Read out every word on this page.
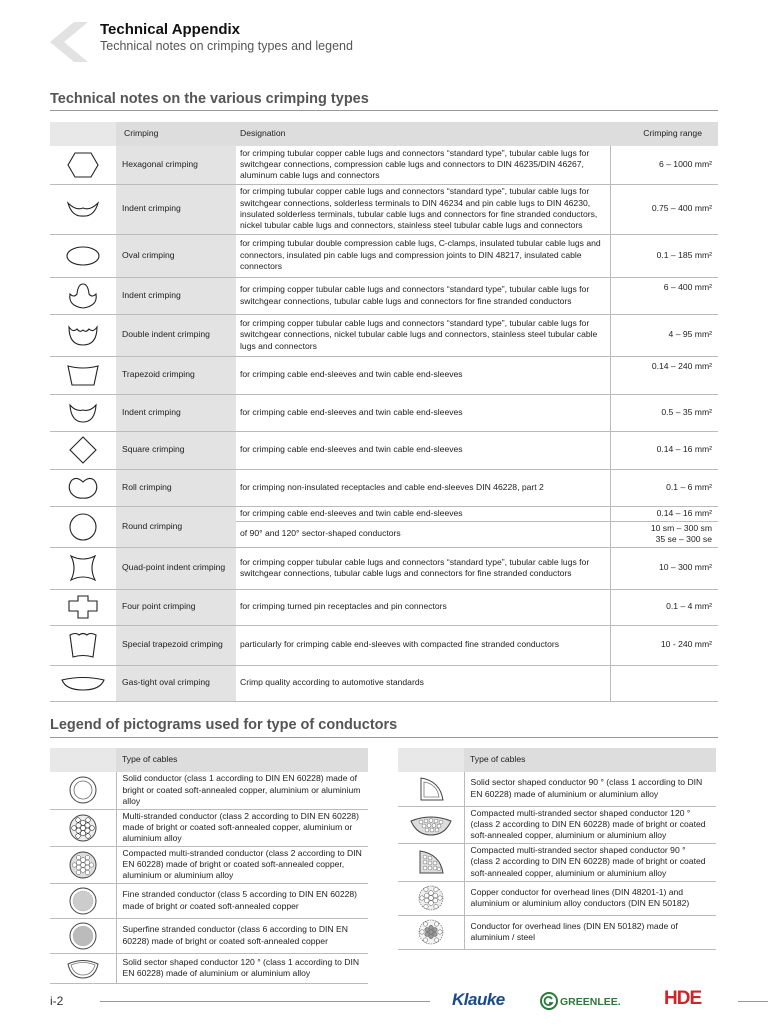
Technical Appendix
Technical notes on crimping types and legend
Technical notes on the various crimping types
	Crimping	Designation	Crimping range

	Hexagonal crimping	for crimping tubular copper cable lugs and connectors “standard type”, tubular cable lugs for switchgear connections, compression cable lugs and connectors to DIN 46235/DIN 46267, aluminum cable lugs and connectors	6 – 1000 mm²

	Indent crimping	for crimping tubular copper cable lugs and connectors “standard type”, tubular cable lugs for switchgear connections, solderless terminals to DIN 46234 and pin cable lugs to DIN 46230, insulated solderless terminals, tubular cable lugs and connectors for fine stranded conductors, nickel tubular cable lugs and connectors, stainless steel tubular cable lugs and connectors	0.75 – 400 mm²

	Oval crimping	for crimping tubular double compression cable lugs, C-clamps, insulated tubular cable lugs and connectors, insulated pin cable lugs and compression joints to DIN 48217, insulated cable connectors	0.1 – 185 mm²

	Indent crimping	for crimping copper tubular cable lugs and connectors “standard type”, tubular cable lugs for switchgear connections, tubular cable lugs and connectors for fine stranded conductors	6 – 400 mm²

	Double indent crimping	for crimping copper tubular cable lugs and connectors “standard type”, tubular cable lugs for switchgear connections, nickel tubular cable lugs and connectors, stainless steel tubular cable lugs and connectors	4 – 95 mm²

	Trapezoid crimping	for crimping cable end-sleeves and twin cable end-sleeves	0.14 – 240 mm²

	Indent crimping	for crimping cable end-sleeves and twin cable end-sleeves	0.5 – 35 mm²

	Square crimping	for crimping cable end-sleeves and twin cable end-sleeves	0.14 – 16 mm²

	Roll crimping	for crimping non-insulated receptacles and cable end-sleeves DIN 46228, part 2	0.1 – 6 mm²

	Round crimping	for crimping cable end-sleeves and twin cable end-sleeves	0.14 – 16 mm²
		of 90° and 120° sector-shaped conductors	10 sm – 300 sm
35 se – 300 se

	Quad-point indent crimping	for crimping copper tubular cable lugs and connectors “standard type”, tubular cable lugs for switchgear connections, tubular cable lugs and connectors for fine stranded conductors	10 – 300 mm²

	Four point crimping	for crimping turned pin receptacles and pin connectors	0.1 – 4 mm²

	Special trapezoid crimping	particularly for crimping cable end-sleeves with compacted fine stranded conductors	10 - 240 mm²

	Gas-tight oval crimping	Crimp quality according to automotive standards	
Legend of pictograms used for type of conductors
	Type of cables

	Solid conductor (class 1 according to DIN EN 60228) made of bright or coated soft-annealed copper, aluminium or aluminium alloy

	Multi-stranded conductor (class 2 according to DIN EN 60228) made of bright or coated soft-annealed copper, aluminium or aluminium alloy

	Compacted multi-stranded conductor (class 2 according to DIN EN 60228) made of bright or coated soft-annealed copper, aluminium or aluminium alloy

	Fine stranded conductor (class 5 according to DIN EN 60228) made of bright or coated soft-annealed copper

	Superfine stranded conductor (class 6 according to DIN EN 60228) made of bright or coated soft-annealed copper

	Solid sector shaped conductor 120 ° (class 1 according to DIN EN 60228) made of aluminium or aluminium alloy
	Type of cables

	Solid sector shaped conductor 90 ° (class 1 according to DIN EN 60228) made of aluminium or aluminium alloy

	Compacted multi-stranded sector shaped conductor 120 ° (class 2 according to DIN EN 60228) made of bright or coated soft-annealed copper, aluminium or aluminium alloy

	Compacted multi-stranded sector shaped conductor 90 ° (class 2 according to DIN EN 60228) made of bright or coated soft-annealed copper, aluminium or aluminium alloy

	Copper conductor for overhead lines (DIN 48201-1) and aluminium or aluminium alloy conductors (DIN EN 50182)

	Conductor for overhead lines (DIN EN 50182) made of aluminium / steel
i-2	Klauke	GREENLEE. HDE
